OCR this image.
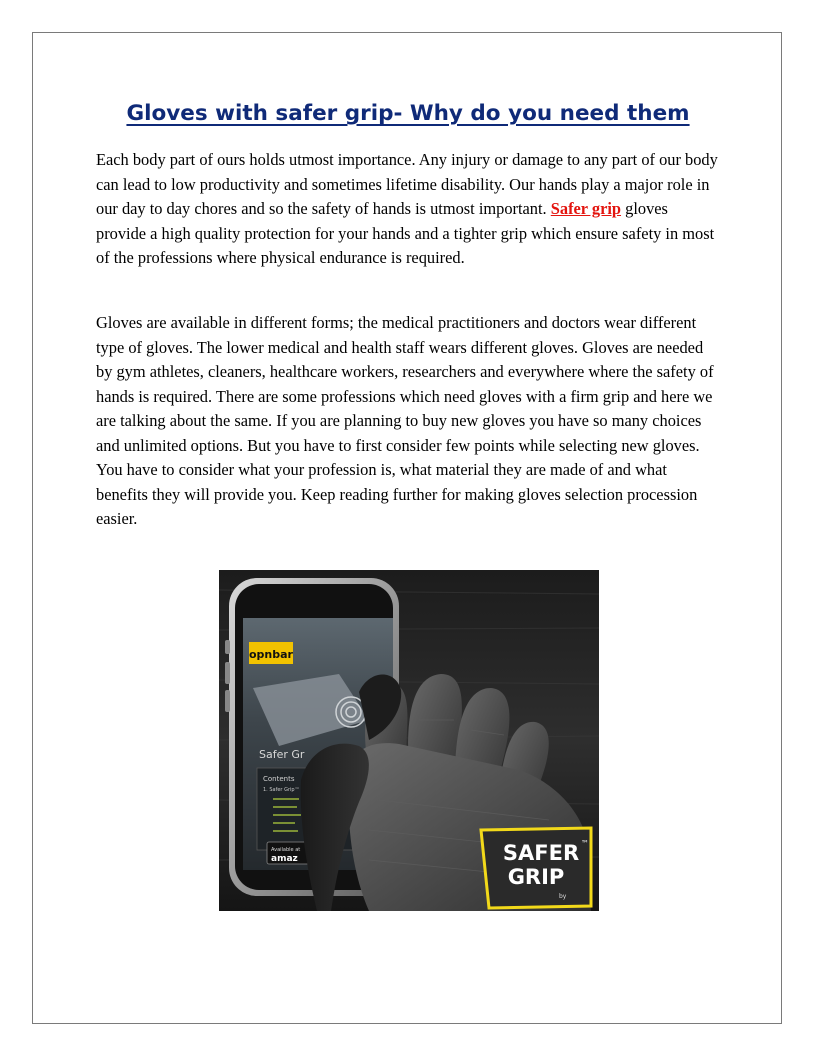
Gloves with safer grip- Why do you need them

Each body part of ours holds utmost importance. Any injury or damage to any part of our body can lead to low productivity and sometimes lifetime disability. Our hands play a major role in our day to day chores and so the safety of hands is utmost important. Safer grip gloves provide a high quality protection for your hands and a tighter grip which ensure safety in most of the professions where physical endurance is required.

Gloves are available in different forms; the medical practitioners and doctors wear different type of gloves. The lower medical and health staff wears different gloves. Gloves are needed by gym athletes, cleaners, healthcare workers, researchers and everywhere where the safety of hands is required. There are some professions which need gloves with a firm grip and here we are talking about the same. If you are planning to buy new gloves you have so many choices and unlimited options. But you have to first consider few points while selecting new gloves. You have to consider what your profession is, what material they are made of and what benefits they will provide you. Keep reading further for making gloves selection procession easier.

opnbar
Safer Gr
Contents
1. Safer Grip™
Available at
amaz	SAFER
GRIP
™
by
